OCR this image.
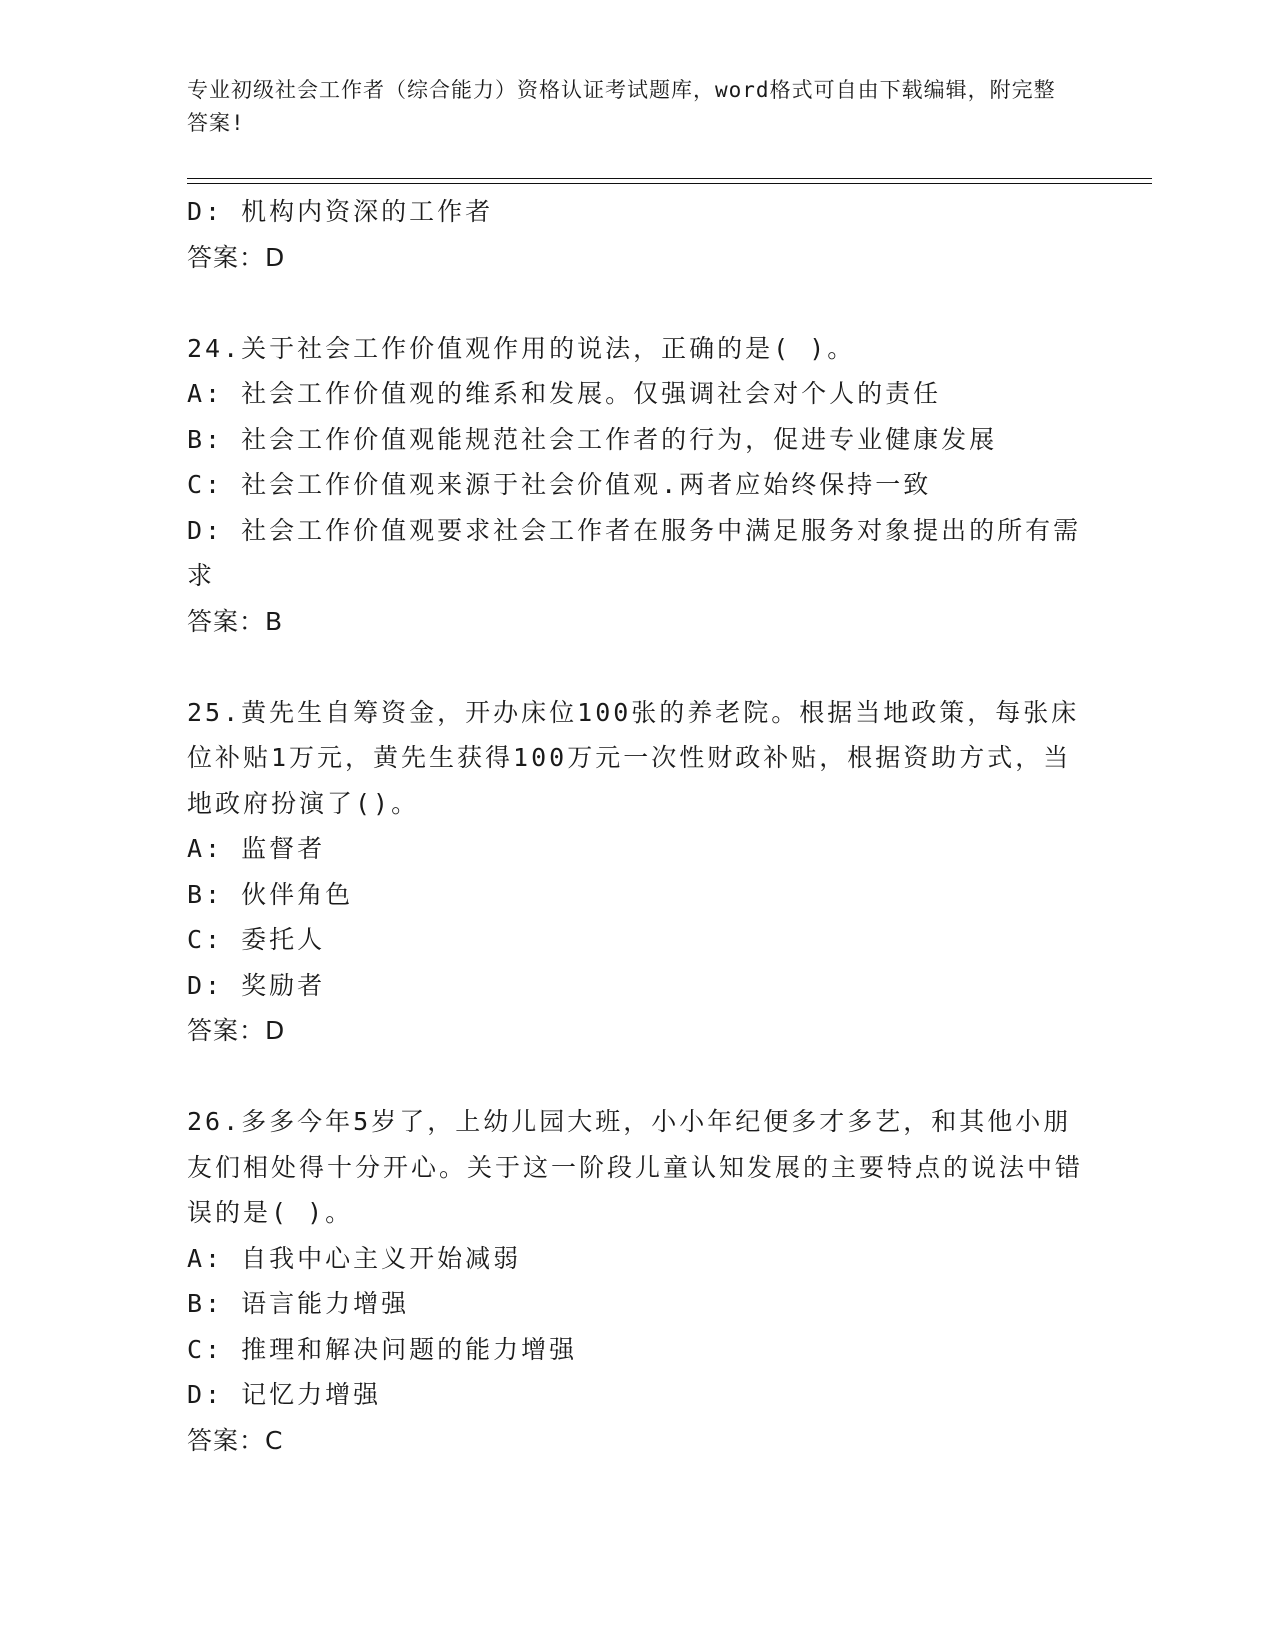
专业初级社会工作者（综合能力）资格认证考试题库，word格式可自由下载编辑，附完整答案!

D: 机构内资深的工作者

答案：D

24.关于社会工作价值观作用的说法，正确的是( )。

A: 社会工作价值观的维系和发展。仅强调社会对个人的责任

B: 社会工作价值观能规范社会工作者的行为，促进专业健康发展

C: 社会工作价值观来源于社会价值观.两者应始终保持一致

D: 社会工作价值观要求社会工作者在服务中满足服务对象提出的所有需求

答案：B

25.黄先生自筹资金，开办床位100张的养老院。根据当地政策，每张床位补贴1万元，黄先生获得100万元一次性财政补贴，根据资助方式，当地政府扮演了()。

A: 监督者

B: 伙伴角色

C: 委托人

D: 奖励者

答案：D

26.多多今年5岁了，上幼儿园大班，小小年纪便多才多艺，和其他小朋友们相处得十分开心。关于这一阶段儿童认知发展的主要特点的说法中错误的是( )。

A: 自我中心主义开始减弱

B: 语言能力增强

C: 推理和解决问题的能力增强

D: 记忆力增强

答案：C
